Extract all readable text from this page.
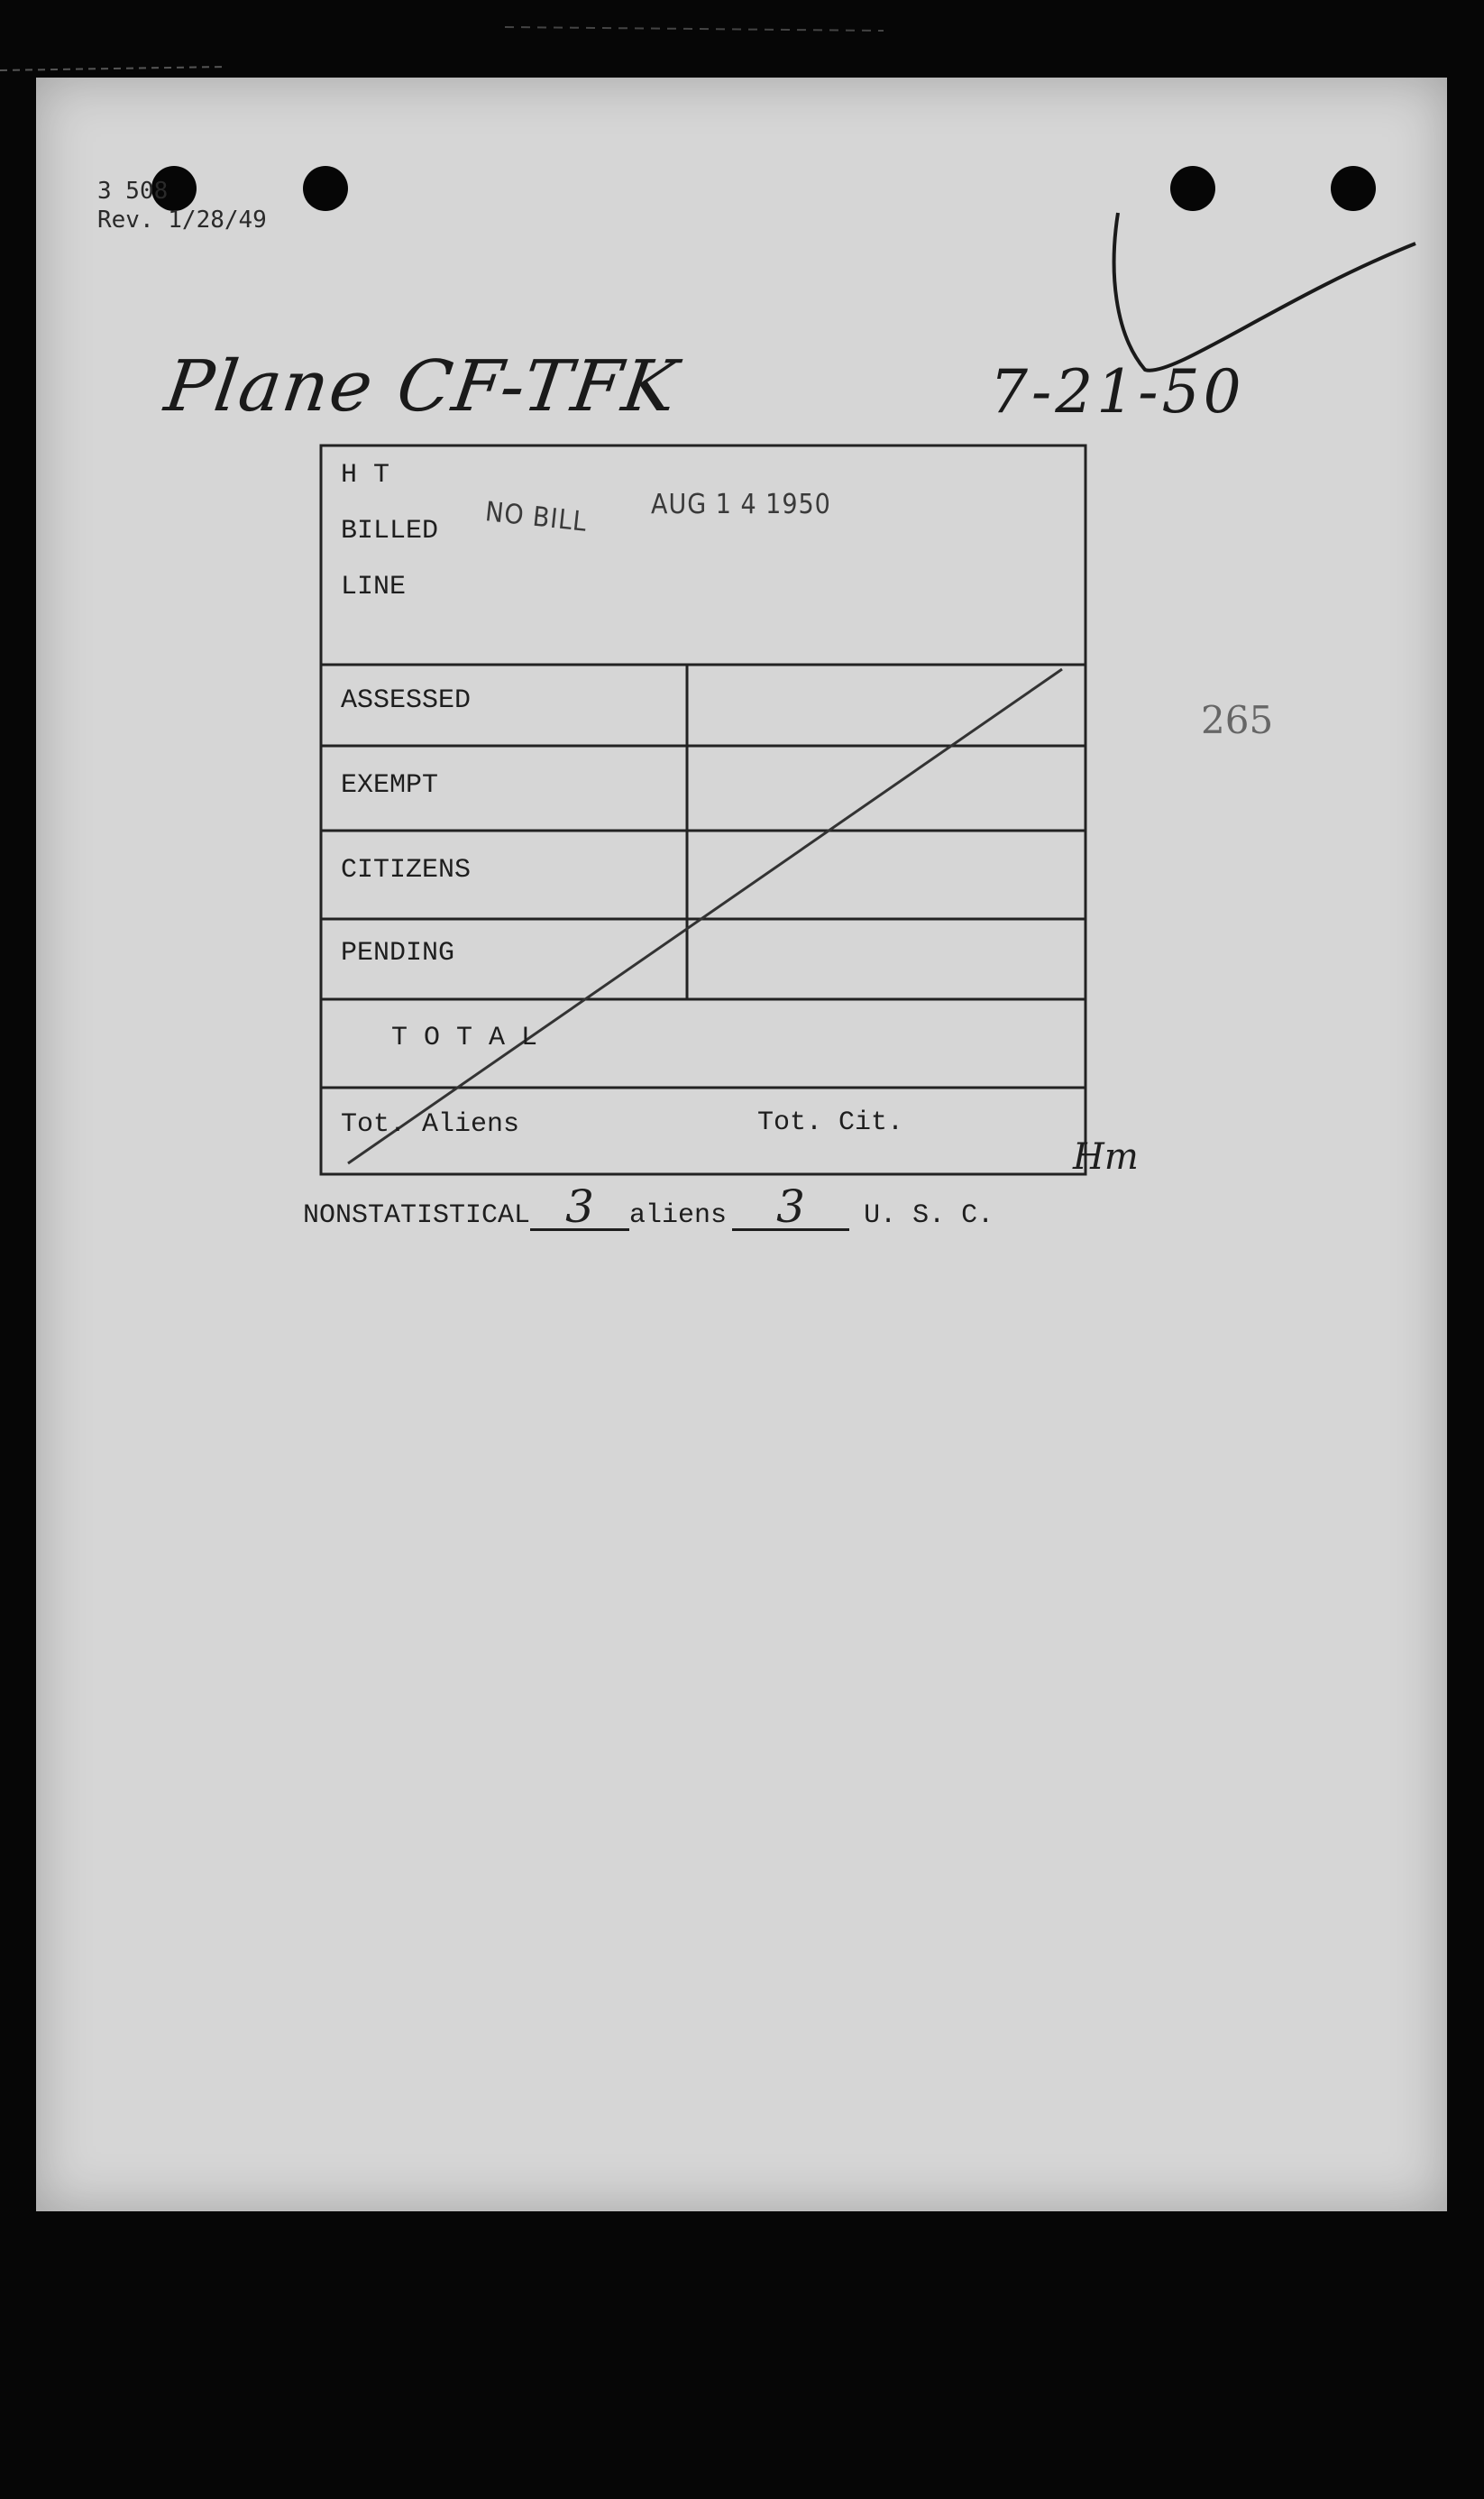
3 508
Rev. 1/28/49
Plane CF-TFK	7-21-50
265
H T
BILLED
LINE
NO BILL AUG 1 4 1950
ASSESSED
EXEMPT
CITIZENS
PENDING
T O T A L
Tot. Aliens	Tot. Cit.
Hm
NONSTATISTICAL 3	aliens	3	U. S. C.
